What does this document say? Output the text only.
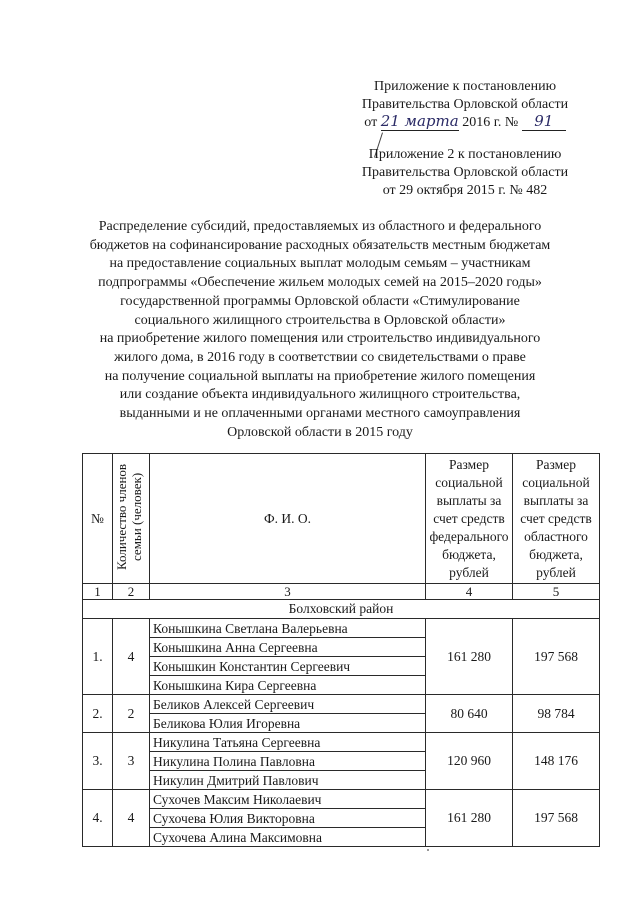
Приложение к постановлению
Правительства Орловской области
от 21 марта 2016 г. № 91
Приложение 2 к постановлению
Правительства Орловской области
от 29 октября 2015 г. № 482
Распределение субсидий, предоставляемых из областного и федерального
бюджетов на софинансирование расходных обязательств местным бюджетам
на предоставление социальных выплат молодым семьям – участникам
подпрограммы «Обеспечение жильем молодых семей на 2015–2020 годы»
государственной программы Орловской области «Стимулирование
социального жилищного строительства в Орловской области»
на приобретение жилого помещения или строительство индивидуального
жилого дома, в 2016 году в соответствии со свидетельствами о праве
на получение социальной выплаты на приобретение жилого помещения
или создание объекта индивидуального жилищного строительства,
выданными и не оплаченными органами местного самоуправления
Орловской области в 2015 году
№	Количество членов семьи (человек)	Ф. И. О.	Размер социальной выплаты за счет средств федерального бюджета, рублей	Размер социальной выплаты за счет средств областного бюджета, рублей
1	2	3	4	5
Болховский район				
1.	4	Конышкина Светлана Валерьевна	161 280	197 568
		Конышкина Анна Сергеевна		
		Конышкин Константин Сергеевич		
		Конышкина Кира Сергеевна		
2.	2	Беликов Алексей Сергеевич	80 640	98 784
		Беликова Юлия Игоревна		
3.	3	Никулина Татьяна Сергеевна	120 960	148 176
		Никулина Полина Павловна		
		Никулин Дмитрий Павлович		
4.	4	Сухочев Максим Николаевич	161 280	197 568
		Сухочева Юлия Викторовна		
		Сухочева Алина Максимовна		
